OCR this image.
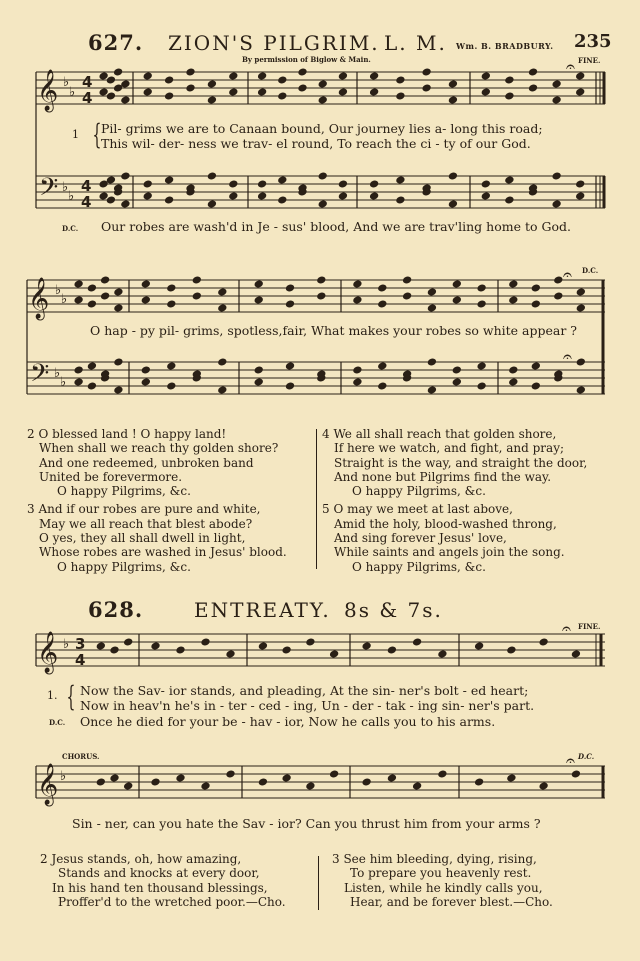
627. ZION'S PILGRIM. L. M. Wm. B. BRADBURY. 235
By permission of Biglow & Main.	FINE.
𝄞
𝄢
𝄞
𝄢
𝄞
𝄞
♭
♭
♭
♭
♭
♭
♭
♭
♭
♭
4
4
4
4
3
4
𝄐
𝄐
𝄐
𝄐
𝄐
1 { Pil- grims we are to Canaan bound, Our journey lies a- long this road;
This wil- der- ness we trav- el round, To reach the ci - ty of our God.
D.C. Our robes are wash'd in Je - sus' blood, And we are trav'ling home to God.
D.C.
O hap - py pil- grims, spotless,fair, What makes your robes so white appear ?
2 O blessed land ! O happy land!
When shall we reach thy golden shore?
And one redeemed, unbroken band
United be forevermore.
O happy Pilgrims, &c.
3 And if our robes are pure and white,
May we all reach that blest abode?
O yes, they all shall dwell in light,
Whose robes are washed in Jesus' blood.
O happy Pilgrims, &c.
4 We all shall reach that golden shore,
If here we watch, and fight, and pray;
Straight is the way, and straight the door,
And none but Pilgrims find the way.
O happy Pilgrims, &c.
5 O may we meet at last above,
Amid the holy, blood-washed throng,
And sing forever Jesus' love,
While saints and angels join the song.
O happy Pilgrims, &c.
628.	ENTREATY. 8s & 7s.
FINE.
1. { Now the Sav- ior stands, and pleading, At the sin- ner's bolt - ed heart;
Now in heav'n he's in - ter - ced - ing, Un - der - tak - ing sin- ner's part.
D.C. Once he died for your be - hav - ior, Now he calls you to his arms.
CHORUS.	D.C.
Sin - ner, can you hate the Sav - ior? Can you thrust him from your arms ?
2 Jesus stands, oh, how amazing,
Stands and knocks at every door,
In his hand ten thousand blessings,
Proffer'd to the wretched poor.—Cho.
3 See him bleeding, dying, rising,
To prepare you heavenly rest.
Listen, while he kindly calls you,
Hear, and be forever blest.—Cho.
